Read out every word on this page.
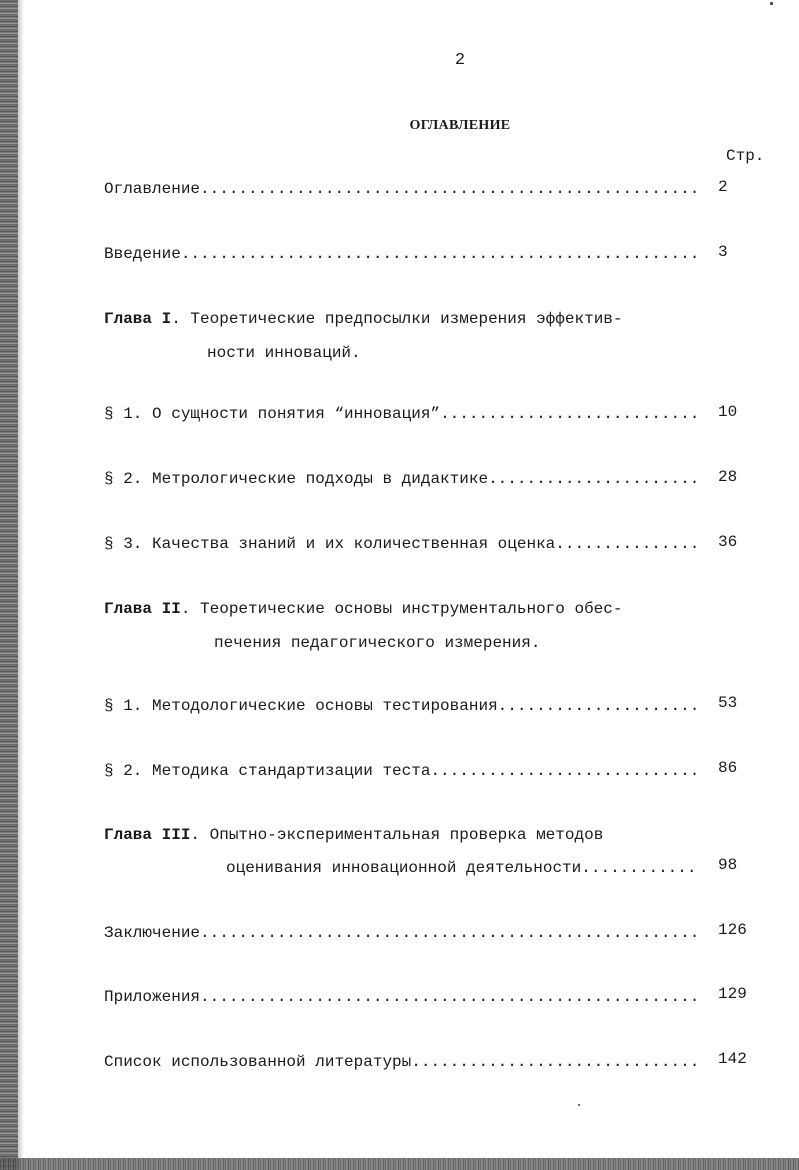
2
ОГЛАВЛЕНИЕ
Стр.
Оглавление .....	2
Введение .....	3
Глава I. Теоретические предпосылки измерения эффектив-
ности инноваций.
§ 1. О сущности понятия “инновация” .....	10
§ 2. Метрологические подходы в дидактике .....	28
§ 3. Качества знаний и их количественная оценка .....	36
Глава II. Теоретические основы инструментального обес-
печения педагогического измерения.
§ 1. Методологические основы тестирования .....	53
§ 2. Методика стандартизации теста .....	86
Глава III. Опытно-экспериментальная проверка методов
оценивания инновационной деятельности .....	98
Заключение .....	126
Приложения .....	129
Список использованной литературы .....	142
